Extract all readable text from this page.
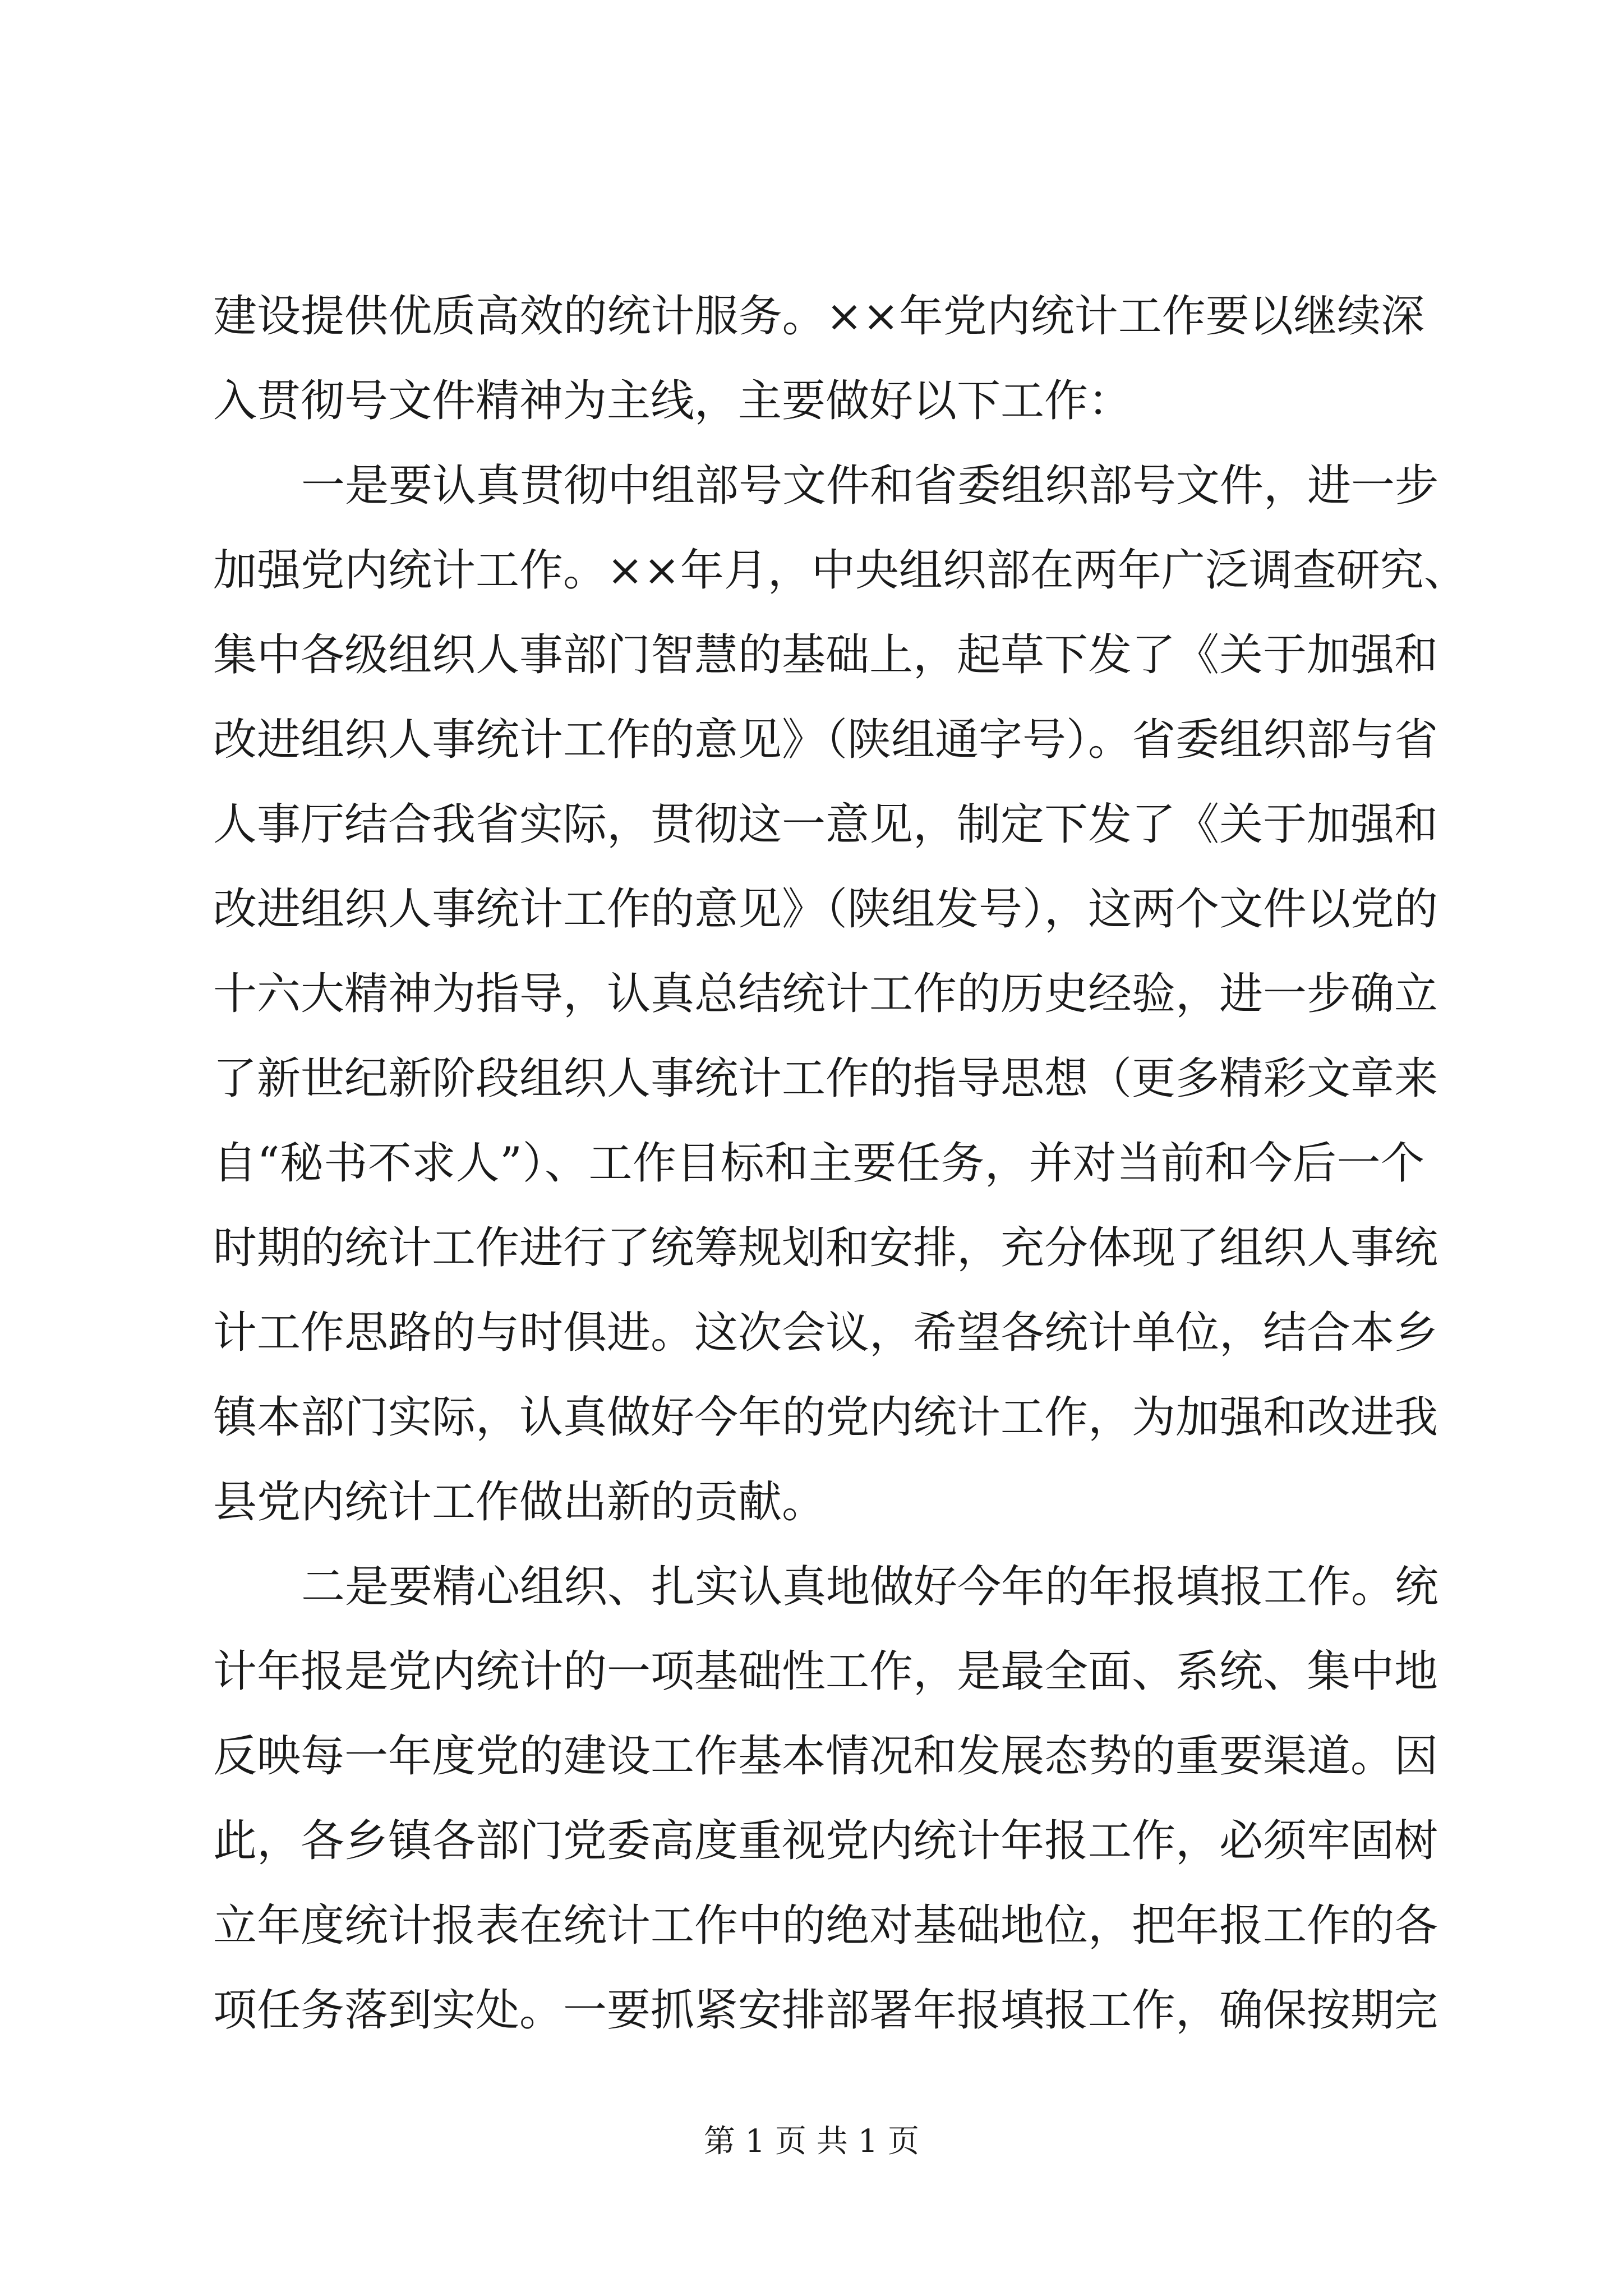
建设提供优质高效的统计服务。××年党内统计工作要以继续深
入贯彻号文件精神为主线，主要做好以下工作：
一是要认真贯彻中组部号文件和省委组织部号文件，进一步
加强党内统计工作。××年月，中央组织部在两年广泛调查研究、
集中各级组织人事部门智慧的基础上，起草下发了《关于加强和
改进组织人事统计工作的意见》（陕组通字号）。省委组织部与省
人事厅结合我省实际，贯彻这一意见，制定下发了《关于加强和
改进组织人事统计工作的意见》（陕组发号），这两个文件以党的
十六大精神为指导，认真总结统计工作的历史经验，进一步确立
了新世纪新阶段组织人事统计工作的指导思想（更多精彩文章来
自“秘书不求人”）、工作目标和主要任务，并对当前和今后一个
时期的统计工作进行了统筹规划和安排，充分体现了组织人事统
计工作思路的与时俱进。这次会议，希望各统计单位，结合本乡
镇本部门实际，认真做好今年的党内统计工作，为加强和改进我
县党内统计工作做出新的贡献。
二是要精心组织、扎实认真地做好今年的年报填报工作。统
计年报是党内统计的一项基础性工作，是最全面、系统、集中地
反映每一年度党的建设工作基本情况和发展态势的重要渠道。因
此，各乡镇各部门党委高度重视党内统计年报工作，必须牢固树
立年度统计报表在统计工作中的绝对基础地位，把年报工作的各
项任务落到实处。一要抓紧安排部署年报填报工作，确保按期完
第 1 页 共 1 页
